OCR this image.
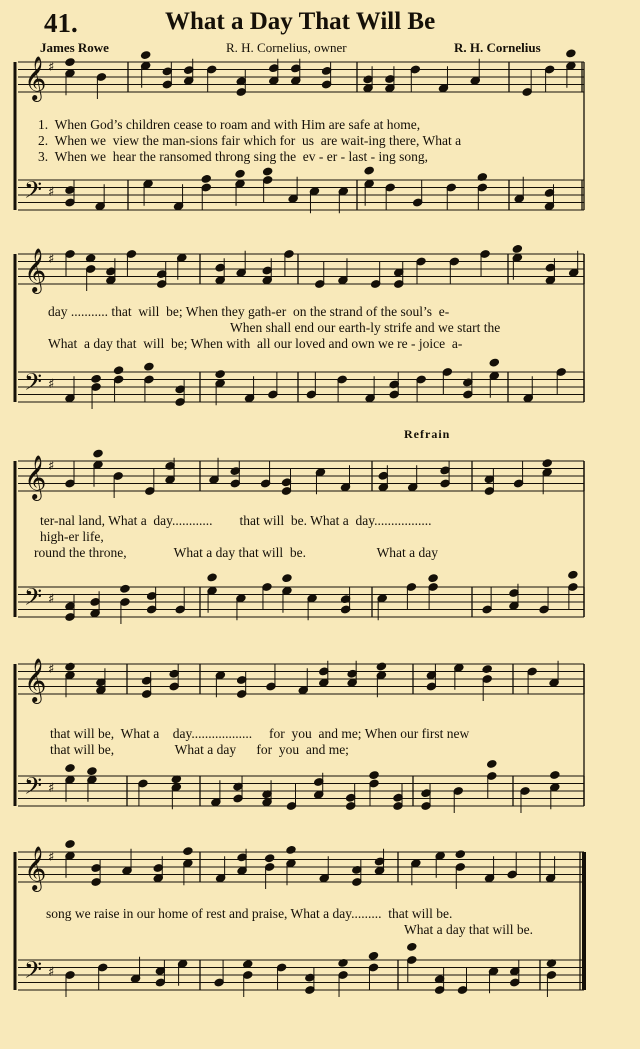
41.	What a Day That Will Be
James Rowe	R. H. Cornelius, owner	R. H. Cornelius
Refrain
𝄞 ♯
𝄢 ♯
𝄞 ♯
𝄢 ♯
𝄞 ♯
𝄢 ♯
𝄞 ♯
𝄢 ♯
𝄞 ♯
𝄢 ♯
1.  When God’s children cease to roam and with Him are safe at home,
2.  When we  view the man-sions fair which for  us  are wait-ing there, What a
3.  When we  hear the ransomed throng sing the  ev - er - last - ing song,
day ........... that  will  be; When they gath-er  on the strand of the soul’s  e-
When shall end our earth-ly strife and we start the
What  a day that  will  be; When with  all our loved and own we re - joice  a-
ter-nal land, What a  day............        that will  be. What a  day.................
high-er life,
round the throne,              What a day that will  be.                     What a day
that will be,  What a    day..................     for  you  and me; When our first new
that will be,                  What a day      for  you  and me;
song we raise in our home of rest and praise, What a day.........  that will be.
What a day that will be.
